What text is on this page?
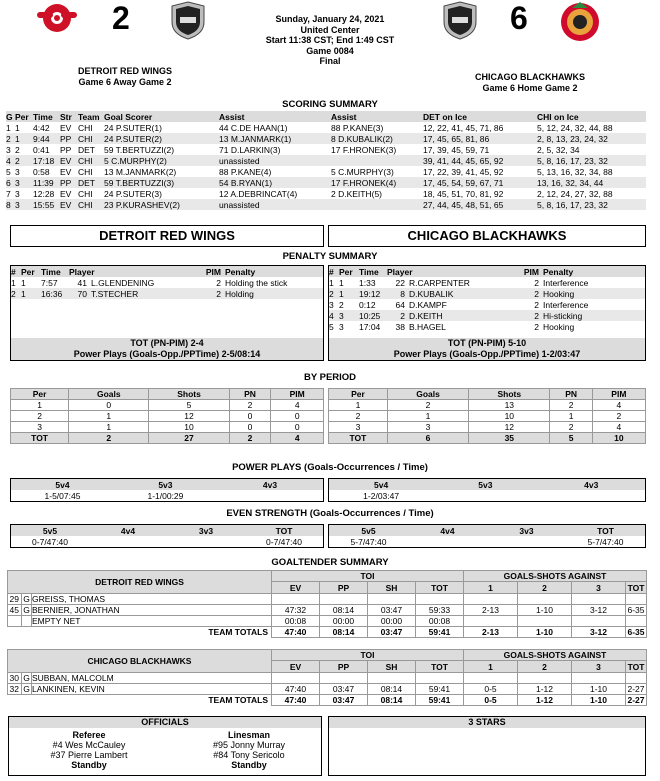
2	Sunday, January 24, 2021
United Center
Start 11:38 CST; End 1:49 CST
Game 0084
Final
6
DETROIT RED WINGS
Game 6 Away Game 2	CHICAGO BLACKHAWKS
Game 6 Home Game 2
SCORING SUMMARY
G	Per	Time	Str	Team	Goal Scorer	Assist	Assist	DET on Ice	CHI on Ice
1	1	4:42	EV	CHI	24 P.SUTER(1)	44 C.DE HAAN(1)	88 P.KANE(3)	12, 22, 41, 45, 71, 86	5, 12, 24, 32, 44, 88
2	1	9:44	PP	CHI	24 P.SUTER(2)	13 M.JANMARK(1)	8 D.KUBALIK(2)	17, 45, 65, 81, 86	2, 8, 13, 23, 24, 32
3	2	0:41	PP	DET	59 T.BERTUZZI(2)	71 D.LARKIN(3)	17 F.HRONEK(3)	17, 39, 45, 59, 71	2, 5, 32, 34
4	2	17:18	EV	CHI	5 C.MURPHY(2)	unassisted		39, 41, 44, 45, 65, 92	5, 8, 16, 17, 23, 32
5	3	0:58	EV	CHI	13 M.JANMARK(2)	88 P.KANE(4)	5 C.MURPHY(3)	17, 22, 39, 41, 45, 92	5, 13, 16, 32, 34, 88
6	3	11:39	PP	DET	59 T.BERTUZZI(3)	54 B.RYAN(1)	17 F.HRONEK(4)	17, 45, 54, 59, 67, 71	13, 16, 32, 34, 44
7	3	12:28	EV	CHI	24 P.SUTER(3)	12 A.DEBRINCAT(4)	2 D.KEITH(5)	18, 45, 51, 70, 81, 92	2, 12, 24, 27, 32, 88
8	3	15:55	EV	CHI	23 P.KURASHEV(2)	unassisted		27, 44, 45, 48, 51, 65	5, 8, 16, 17, 23, 32
DETROIT RED WINGS	CHICAGO BLACKHAWKS
PENALTY SUMMARY
#	Per	Time	Player	PIM	Penalty
1	1	7:57	41 L.GLENDENING	2	Holding the stick
2	1	16:36	70 T.STECHER	2	Holding
TOT (PN-PIM) 2-4
Power Plays (Goals-Opp./PPTime) 2-5/08:14
#	Per	Time	Player	PIM	Penalty
1	1	1:33	22 R.CARPENTER	2	Interference
2	1	19:12	8 D.KUBALIK	2	Hooking
3	2	0:12	64 D.KAMPF	2	Interference
4	3	10:25	2 D.KEITH	2	Hi-sticking
5	3	17:04	38 B.HAGEL	2	Hooking
TOT (PN-PIM) 5-10
Power Plays (Goals-Opp./PPTime) 1-2/03:47
BY PERIOD
Per	Goals	Shots	PN	PIM
1	0	5	2	4
2	1	12	0	0
3	1	10	0	0
TOT	2	27	2	4
Per	Goals	Shots	PN	PIM
1	2	13	2	4
2	1	10	1	2
3	3	12	2	4
TOT	6	35	5	10
POWER PLAYS (Goals-Occurrences / Time)
5v4	5v3	4v3
1-5/07:45	1-1/00:29	
5v4	5v3	4v3
1-2/03:47		
EVEN STRENGTH (Goals-Occurrences / Time)
5v5	4v4	3v3	TOT
0-7/47:40			0-7/47:40
5v5	4v4	3v3	TOT
5-7/47:40			5-7/47:40
GOALTENDER SUMMARY
DETROIT RED WINGS			TOI				GOALS-SHOTS AGAINST			
			EV	PP	SH	TOT	1	2	3	TOT
29	G	GREISS, THOMAS								
45	G	BERNIER, JONATHAN	47:32	08:14	03:47	59:33	2-13	1-10	3-12	6-35
		EMPTY NET	00:08	00:00	00:00	00:08				
TEAM TOTALS			47:40	08:14	03:47	59:41	2-13	1-10	3-12	6-35
CHICAGO BLACKHAWKS			TOI				GOALS-SHOTS AGAINST			
			EV	PP	SH	TOT	1	2	3	TOT
30	G	SUBBAN, MALCOLM								
32	G	LANKINEN, KEVIN	47:40	03:47	08:14	59:41	0-5	1-12	1-10	2-27
TEAM TOTALS			47:40	03:47	08:14	59:41	0-5	1-12	1-10	2-27
OFFICIALS
Referee
#4 Wes McCauley
#37 Pierre Lambert
Standby
Linesman
#95 Jonny Murray
#84 Tony Sericolo
Standby
3 STARS
